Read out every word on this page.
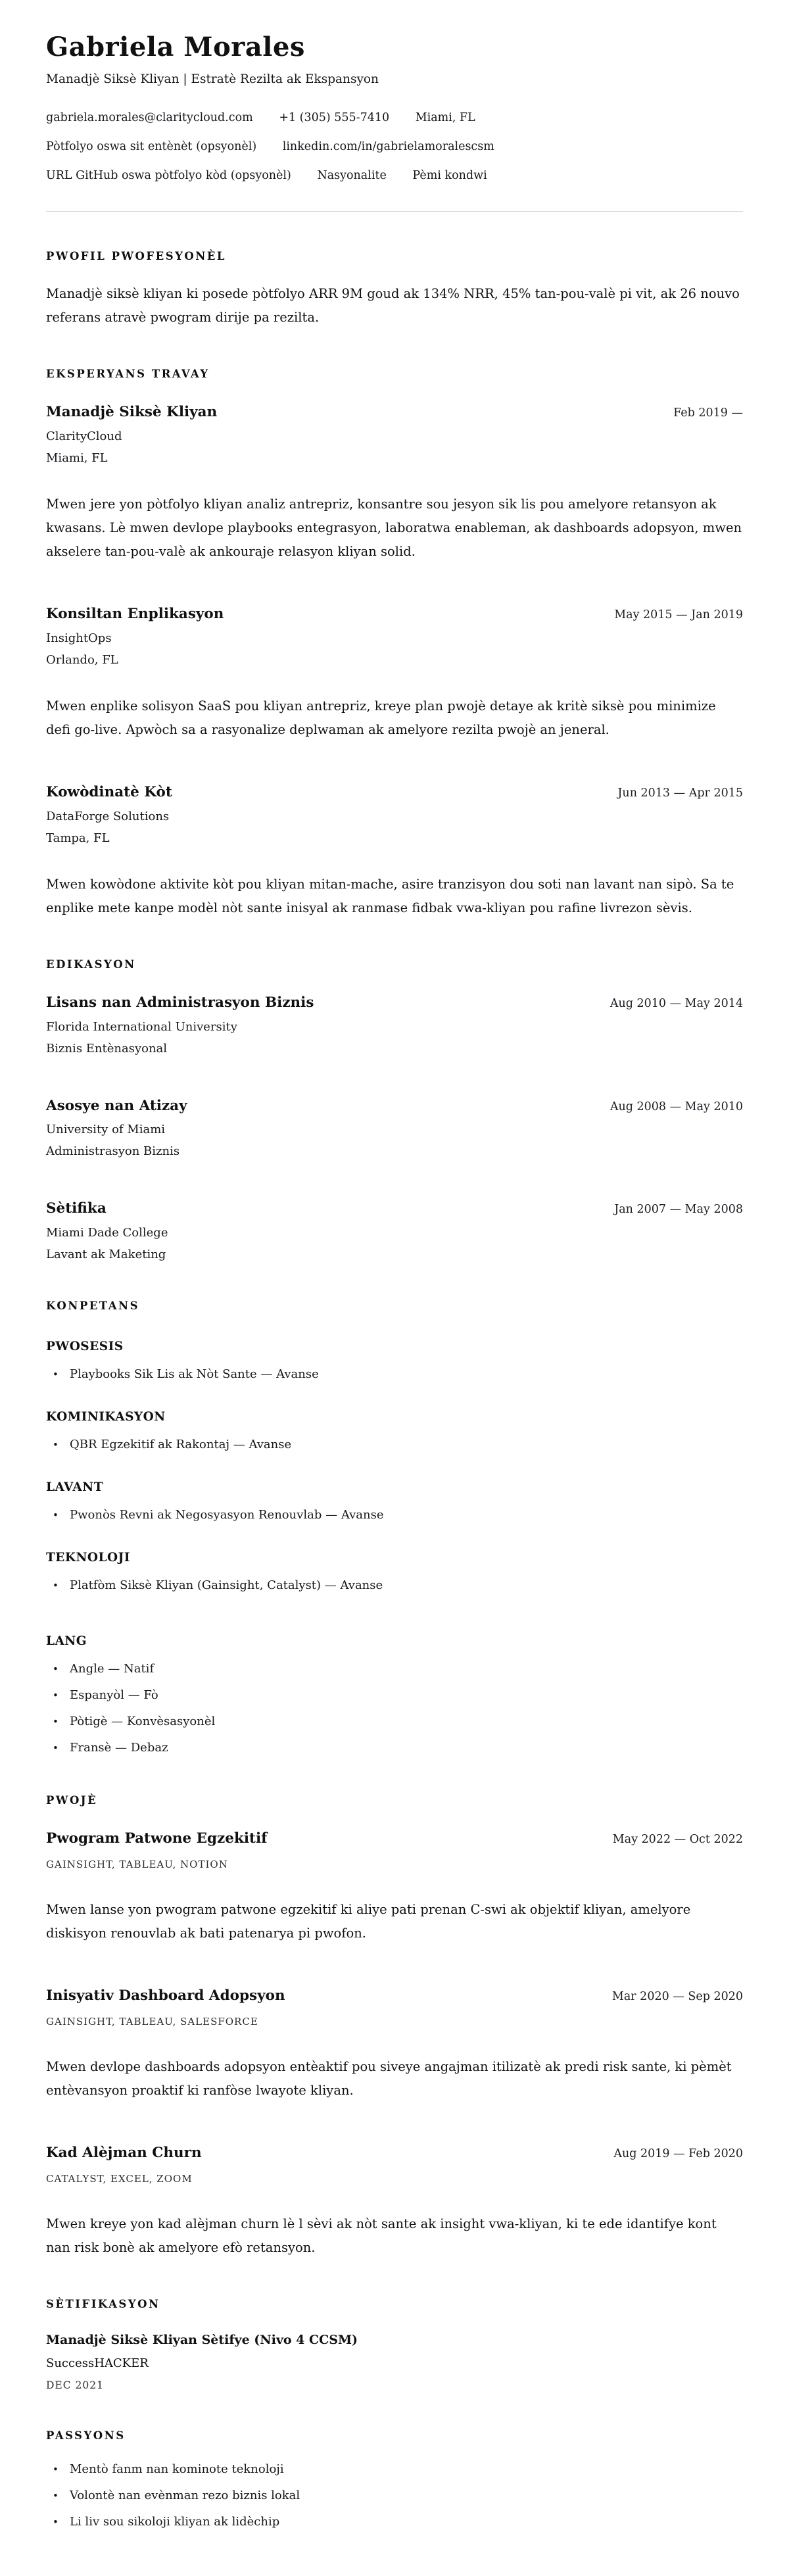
Gabriela Morales
Manadjè Siksè Kliyan | Estratè Rezilta ak Ekspansyon
gabriela.morales@claritycloud.com +1 (305) 555-7410 Miami, FL
Pòtfolyo oswa sit entènèt (opsyonèl) linkedin.com/in/gabrielamoralescsm
URL GitHub oswa pòtfolyo kòd (opsyonèl) Nasyonalite Pèmi kondwi
PWOFIL PWOFESYONÈL
Manadjè siksè kliyan ki posede pòtfolyo ARR 9M goud ak 134% NRR, 45% tan-pou-valè pi vit, ak 26 nouvo referans atravè pwogram dirije pa rezilta.
EKSPERYANS TRAVAY
Manadjè Siksè Kliyan	Feb 2019 —
ClarityCloud
Miami, FL
Mwen jere yon pòtfolyo kliyan analiz antrepriz, konsantre sou jesyon sik lis pou amelyore retansyon ak kwasans. Lè mwen devlope playbooks entegrasyon, laboratwa enableman, ak dashboards adopsyon, mwen akselere tan-pou-valè ak ankouraje relasyon kliyan solid.
Konsiltan Enplikasyon	May 2015 — Jan 2019
InsightOps
Orlando, FL
Mwen enplike solisyon SaaS pou kliyan antrepriz, kreye plan pwojè detaye ak kritè siksè pou minimize defi go-live. Apwòch sa a rasyonalize deplwaman ak amelyore rezilta pwojè an jeneral.
Kowòdinatè Kòt	Jun 2013 — Apr 2015
DataForge Solutions
Tampa, FL
Mwen kowòdone aktivite kòt pou kliyan mitan-mache, asire tranzisyon dou soti nan lavant nan sipò. Sa te enplike mete kanpe modèl nòt sante inisyal ak ranmase fidbak vwa-kliyan pou rafine livrezon sèvis.
EDIKASYON
Lisans nan Administrasyon Biznis	Aug 2010 — May 2014
Florida International University
Biznis Entènasyonal
Asosye nan Atizay	Aug 2008 — May 2010
University of Miami
Administrasyon Biznis
Sètifika	Jan 2007 — May 2008
Miami Dade College
Lavant ak Maketing
KONPETANS
PWOSESIS
• Playbooks Sik Lis ak Nòt Sante — Avanse
KOMINIKASYON
• QBR Egzekitif ak Rakontaj — Avanse
LAVANT
• Pwonòs Revni ak Negosyasyon Renouvlab — Avanse
TEKNOLOJI
• Platfòm Siksè Kliyan (Gainsight, Catalyst) — Avanse
LANG
• Angle — Natif
• Espanyòl — Fò
• Pòtigè — Konvèsasyonèl
• Fransè — Debaz
PWOJÈ
Pwogram Patwone Egzekitif	May 2022 — Oct 2022
GAINSIGHT, TABLEAU, NOTION
Mwen lanse yon pwogram patwone egzekitif ki aliye pati prenan C-swi ak objektif kliyan, amelyore diskisyon renouvlab ak bati patenarya pi pwofon.
Inisyativ Dashboard Adopsyon	Mar 2020 — Sep 2020
GAINSIGHT, TABLEAU, SALESFORCE
Mwen devlope dashboards adopsyon entèaktif pou siveye angajman itilizatè ak predi risk sante, ki pèmèt entèvansyon proaktif ki ranfòse lwayote kliyan.
Kad Alèjman Churn	Aug 2019 — Feb 2020
CATALYST, EXCEL, ZOOM
Mwen kreye yon kad alèjman churn lè l sèvi ak nòt sante ak insight vwa-kliyan, ki te ede idantifye kont nan risk bonè ak amelyore efò retansyon.
SÈTIFIKASYON
Manadjè Siksè Kliyan Sètifye (Nivo 4 CCSM)
SuccessHACKER
DEC 2021
PASSYONS
• Mentò fanm nan kominote teknoloji
• Volontè nan evènman rezo biznis lokal
• Li liv sou sikoloji kliyan ak lidèchip
